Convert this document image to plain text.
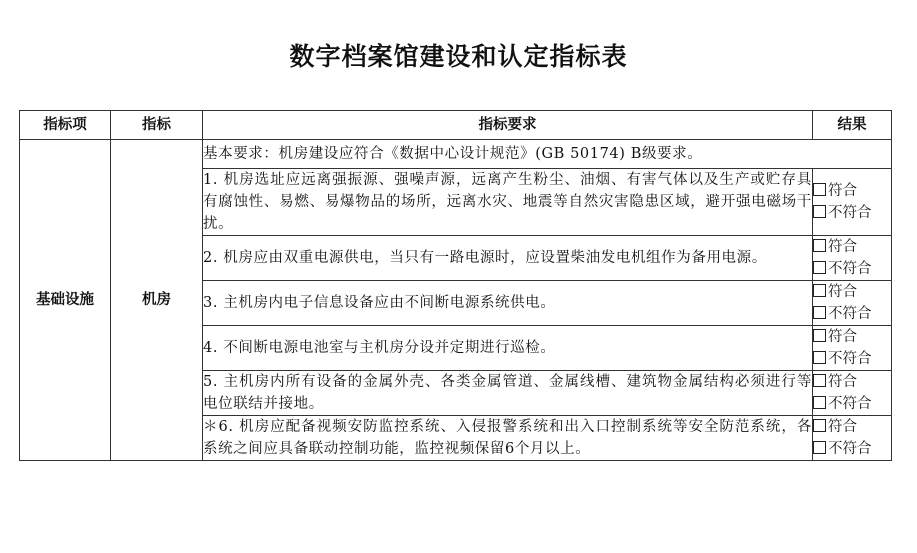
数字档案馆建设和认定指标表
指标项	指标	指标要求	结果
基础设施	机房	基本要求：机房建设应符合《数据中心设计规范》(GB 50174) B级要求。	
		1. 机房选址应远离强振源、强噪声源，远离产生粉尘、油烟、有害气体以及生产或贮存具有腐蚀性、易燃、易爆物品的场所，远离水灾、地震等自然灾害隐患区域，避开强电磁场干扰。	符合
不符合

		2. 机房应由双重电源供电，当只有一路电源时，应设置柴油发电机组作为备用电源。	符合
不符合

		3. 主机房内电子信息设备应由不间断电源系统供电。	符合
不符合

		4. 不间断电源电池室与主机房分设并定期进行巡检。	符合
不符合

		5. 主机房内所有设备的金属外壳、各类金属管道、金属线槽、建筑物金属结构必须进行等电位联结并接地。	符合
不符合

		＊6. 机房应配备视频安防监控系统、入侵报警系统和出入口控制系统等安全防范系统，各系统之间应具备联动控制功能，监控视频保留6个月以上。	符合
不符合
